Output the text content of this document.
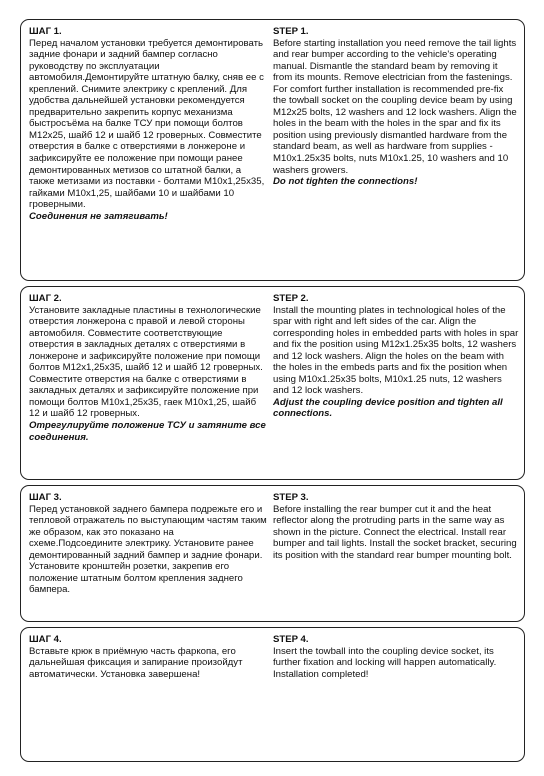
ШАГ 1.
Перед началом установки требуется демонтировать задние фонари и задний бампер согласно руководству по эксплуатации автомобиля.Демонтируйте штатную балку, сняв ее с креплений. Снимите электрику с креплений. Для удобства дальнейшей установки рекомендуется предварительно закрепить корпус механизма быстросъёма на балке ТСУ при помощи болтов М12х25, шайб 12 и шайб 12 гроверных. Совместите отверстия в балке с отверстиями в лонжероне и зафиксируйте ее положение при помощи ранее демонтированных метизов со штатной балки, а также метизами из поставки - болтами М10х1,25х35, гайками М10х1,25, шайбами 10 и шайбами 10 гроверными.
Соединения не затягивать!
STEP 1.
Before starting installation you need remove the tail lights and rear bumper according to the vehicle's operating manual. Dismantle the standard beam by removing it from its mounts. Remove electrician from the fastenings. For comfort further installation is recommended pre-fix the towball socket on the coupling device beam by using M12x25 bolts, 12 washers and 12 lock washers. Align the holes in the beam with the holes in the spar and fix its position using previously dismantled hardware from the standard beam, as well as hardware from supplies - M10x1.25x35 bolts, nuts M10x1.25, 10 washers and 10 washers growers.
Do not tighten the connections!
ШАГ 2.
Установите закладные пластины в технологические отверстия лонжерона с правой и левой стороны автомобиля. Совместите соответствующие отверстия в закладных деталях с отверстиями в лонжероне и зафиксируйте положение при помощи болтов М12х1,25х35, шайб 12 и шайб 12 гроверных. Совместите отверстия на балке с отверстиями в закладных деталях и зафиксируйте положение при помощи болтов М10х1,25х35, гаек М10х1,25, шайб 12 и шайб 12 гроверных.
Отрегулируйте положение ТСУ и затяните все соединения.
STEP 2.
Install the mounting plates in technological holes of the spar with right and left sides of the car. Align the corresponding holes in embedded parts with holes in spar and fix the position using M12x1.25x35 bolts, 12 washers and 12 lock washers. Align the holes on the beam with the holes in the embeds parts and fix the position when using M10x1.25x35 bolts, M10x1.25 nuts, 12 washers and 12 lock washers.
Adjust the coupling device position and tighten all connections.
ШАГ 3.
Перед установкой заднего бампера подрежьте его и тепловой отражатель по выступающим частям таким же образом, как это показано на схеме.Подсоедините электрику. Установите ранее демонтированный задний бампер и задние фонари. Установите кронштейн розетки, закрепив его положение штатным болтом крепления заднего бампера.
STEP 3.
Before installing the rear bumper cut it and the heat reflector along the protruding parts in the same way as shown in the picture. Connect the electrical. Install rear bumper and tail lights. Install the socket bracket, securing its position with the standard rear bumper mounting bolt.
ШАГ 4.
Вставьте крюк в приёмную часть фаркопа, его дальнейшая фиксация и запирание произойдут автоматически. Установка завершена!
STEP 4.
Insert the towball into the coupling device socket, its further fixation and locking will happen automatically. Installation completed!
